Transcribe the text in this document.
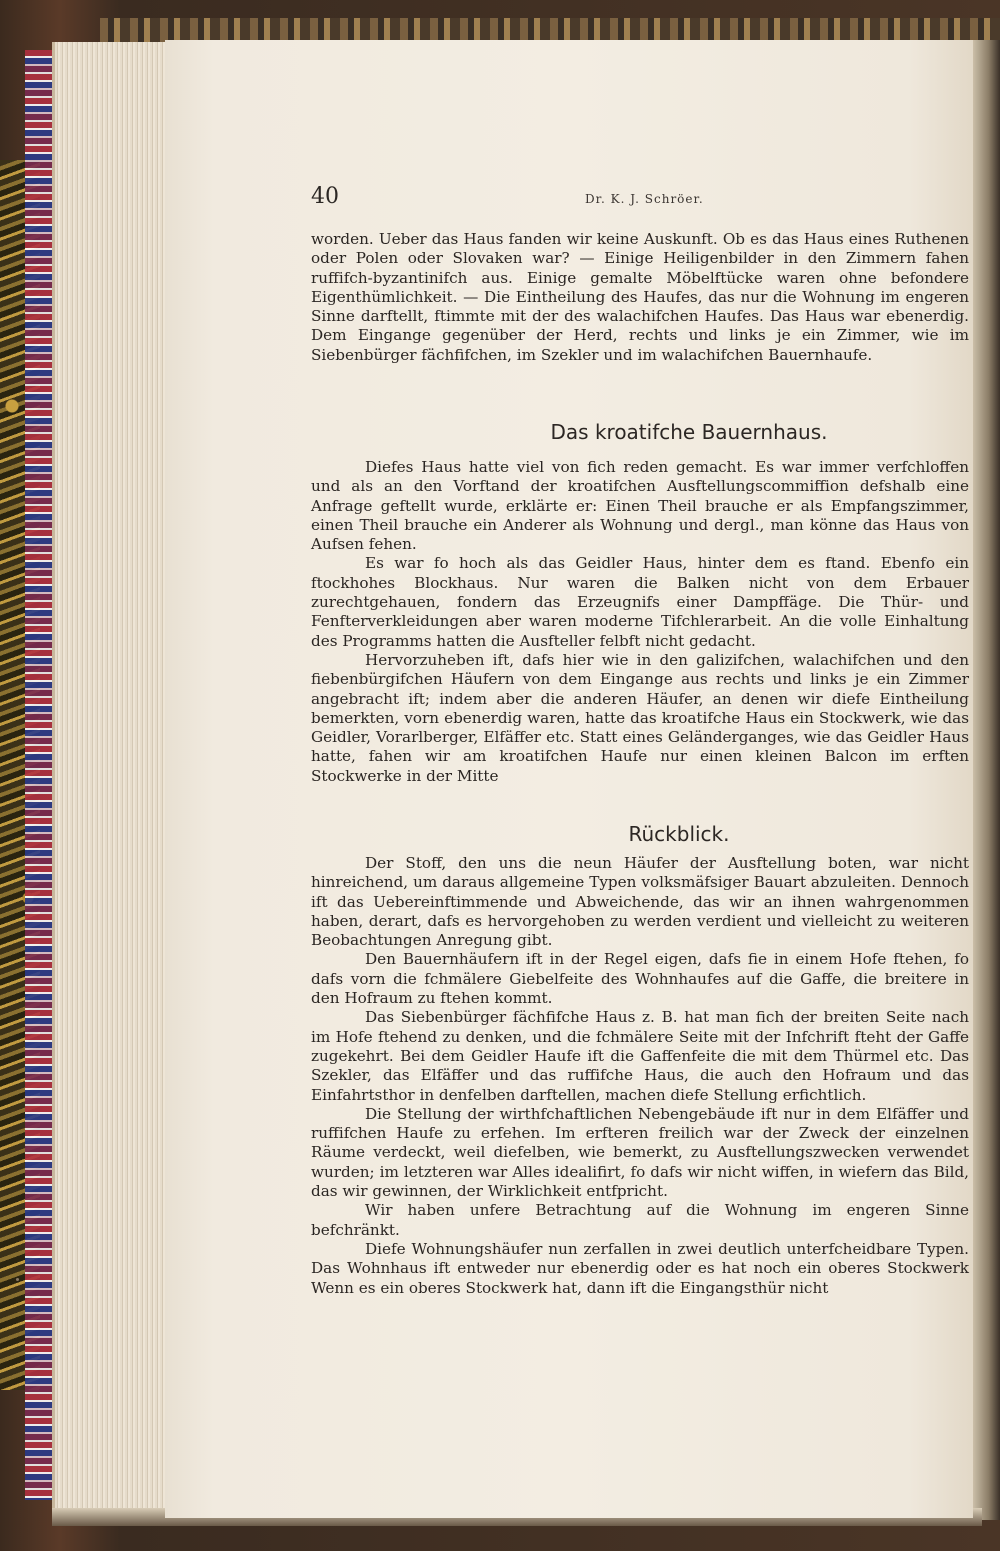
40	Dr. K. J. Schröer.

worden. Ueber das Haus fanden wir keine Auskunft. Ob es das Haus eines Ruthenen oder Polen oder Slovaken war? — Einige Heiligenbilder in den Zimmern fahen ruffifch-byzantinifch aus. Einige gemalte Möbelftücke waren ohne befondere Eigenthümlichkeit. — Die Eintheilung des Haufes, das nur die Wohnung im engeren Sinne darftellt, ftimmte mit der des walachifchen Haufes. Das Haus war ebenerdig. Dem Eingange gegenüber der Herd, rechts und links je ein Zimmer, wie im Siebenbürger fächfifchen, im Szekler und im walachifchen Bauernhaufe.

Das kroatifche Bauernhaus.

Diefes Haus hatte viel von fich reden gemacht. Es war immer verfchloffen und als an den Vorftand der kroatifchen Ausftellungscommiffion defshalb eine Anfrage geftellt wurde, erklärte er: Einen Theil brauche er als Empfangszimmer, einen Theil brauche ein Anderer als Wohnung und dergl., man könne das Haus von Aufsen fehen.

Es war fo hoch als das Geidler Haus, hinter dem es ftand. Ebenfo ein ftockhohes Blockhaus. Nur waren die Balken nicht von dem Erbauer zurechtgehauen, fondern das Erzeugnifs einer Dampffäge. Die Thür- und Fenfterverkleidungen aber waren moderne Tifchlerarbeit. An die volle Einhaltung des Programms hatten die Ausfteller felbft nicht gedacht.

Hervorzuheben ift, dafs hier wie in den galizifchen, walachifchen und den fiebenbürgifchen Häufern von dem Eingange aus rechts und links je ein Zimmer angebracht ift; indem aber die anderen Häufer, an denen wir diefe Eintheilung bemerkten, vorn ebenerdig waren, hatte das kroatifche Haus ein Stockwerk, wie das Geidler, Vorarlberger, Elfäffer etc. Statt eines Geländerganges, wie das Geidler Haus hatte, fahen wir am kroatifchen Haufe nur einen kleinen Balcon im erften Stockwerke in der Mitte

Rückblick.

Der Stoff, den uns die neun Häufer der Ausftellung boten, war nicht hinreichend, um daraus allgemeine Typen volksmäfsiger Bauart abzuleiten. Dennoch ift das Uebereinftimmende und Abweichende, das wir an ihnen wahrgenommen haben, derart, dafs es hervorgehoben zu werden verdient und vielleicht zu weiteren Beobachtungen Anregung gibt.

Den Bauernhäufern ift in der Regel eigen, dafs fie in einem Hofe ftehen, fo dafs vorn die fchmälere Giebelfeite des Wohnhaufes auf die Gaffe, die breitere in den Hofraum zu ftehen kommt.

Das Siebenbürger fächfifche Haus z. B. hat man fich der breiten Seite nach im Hofe ftehend zu denken, und die fchmälere Seite mit der Infchrift fteht der Gaffe zugekehrt. Bei dem Geidler Haufe ift die Gaffenfeite die mit dem Thürmel etc. Das Szekler, das Elfäffer und das ruffifche Haus, die auch den Hofraum und das Einfahrtsthor in denfelben darftellen, machen diefe Stellung erfichtlich.

Die Stellung der wirthfchaftlichen Nebengebäude ift nur in dem Elfäffer und ruffifchen Haufe zu erfehen. Im erfteren freilich war der Zweck der einzelnen Räume verdeckt, weil diefelben, wie bemerkt, zu Ausftellungszwecken verwendet wurden; im letzteren war Alles idealifirt, fo dafs wir nicht wiffen, in wiefern das Bild, das wir gewinnen, der Wirklichkeit entfpricht.

Wir haben unfere Betrachtung auf die Wohnung im engeren Sinne befchränkt.

Diefe Wohnungshäufer nun zerfallen in zwei deutlich unterfcheidbare Typen. Das Wohnhaus ift entweder nur ebenerdig oder es hat noch ein oberes Stockwerk Wenn es ein oberes Stockwerk hat, dann ift die Eingangsthür nicht
